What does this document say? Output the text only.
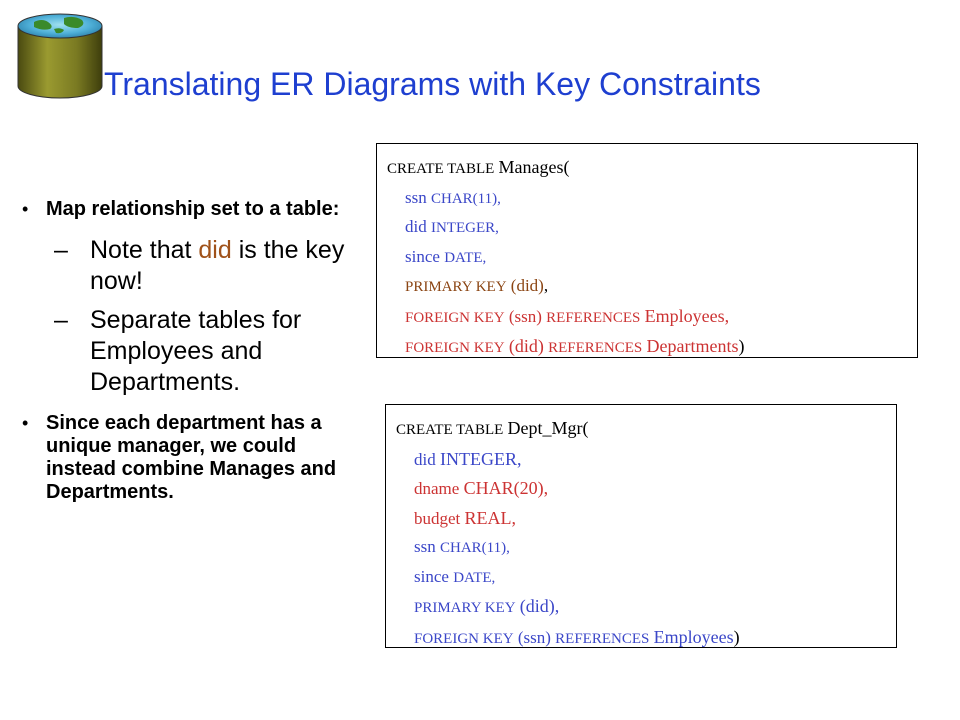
Translating ER Diagrams with Key Constraints
• Map relationship set to a table:
– Note that did is the key now!
– Separate tables for Employees and Departments.
• Since each department has a unique manager, we could instead combine Manages and Departments.
CREATE TABLE Manages(
ssn CHAR(11),
did INTEGER,
since DATE,
PRIMARY KEY (did),
FOREIGN KEY (ssn) REFERENCES Employees,
FOREIGN KEY (did) REFERENCES Departments)
CREATE TABLE Dept_Mgr(
did INTEGER,
dname CHAR(20),
budget REAL,
ssn CHAR(11),
since DATE,
PRIMARY KEY (did),
FOREIGN KEY (ssn) REFERENCES Employees)
